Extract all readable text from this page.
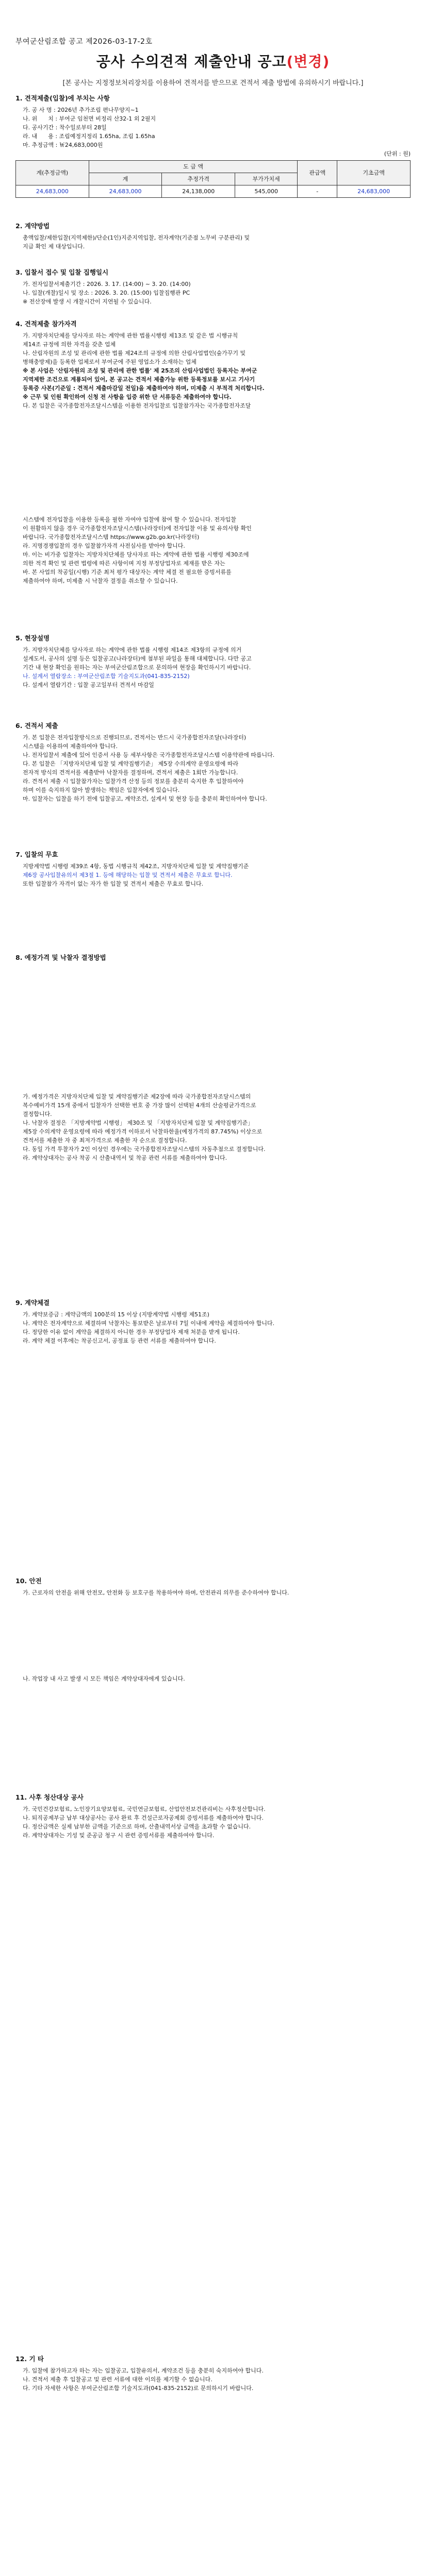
부여군산림조합 공고 제2026-03-17-2호
공사 수의견적 제출안내 공고(변경)
[본 공사는 지정정보처리장치를 이용하여 견적서를 받으므로 견적서 제출 방법에 유의하시기 바랍니다.]
1. 견적제출(입찰)에 부치는 사항
가. 공 사 명 : 2026년 추가조림 편나무양지~1
나. 위      치 : 부여군 임천면 비정리 산32-1 외 2필지
다. 공사기간 : 착수일로부터 28일
라. 내      용 : 조림예정지정리 1.65ha, 조림 1.65ha
마. 추정금액 : ￦24,683,000원
(단위 : 원)
계(추정금액)	도 급 액			관급액	기초금액
	계	추정가격	부가가치세		
24,683,000	24,683,000	24,138,000	545,000	-	24,683,000
2. 계약방법
총액입찰/제한입찰(지역제한)/단순(1인)지준지역입찰, 전자계약(기준점 노무비 구분관리) 및
지급 확인 제 대상입니다.
3. 입찰서 접수 및 입찰 집행일시
가. 전자입찰서제출기간 : 2026. 3. 17. (14:00) ~ 3. 20. (14:00)
나. 입찰(개찰)일시 및 장소 : 2026. 3. 20. (15:00) 입찰집행관 PC
※ 전산장애 발생 시 개찰시간이 지연될 수 있습니다.
4. 견적제출 참가자격
가. 지방자치단체를 당사자로 하는 계약에 관한 법률시행령 제13조 및 같은 법 시행규칙
제14조 규정에 의한 자격을 갖춘 업체
나. 산림자원의 조성 및 관리에 관한 법률 제24조의 규정에 의한 산림사업법인(숲가꾸기 및
병해충방제)을 등록한 업체로서 부여군에 주된 영업소가 소재하는 업체
※ 본 사업은 '산림자원의 조성 및 관리에 관한 법률' 제 25조의 산림사업법인 등록자는 부여군
지역제한 조건으로 계룡되어 있어, 본 공고는 견적서 제출가능 위한 등록정보를 보시고 기사기
등록증 사본(기준일 : 견적서 제출마감일 전일)을 제출하여야 하며, 미제출 시 부적격 처리합니다.
※ 근무 및 인원 확인하여 신청 전 사항을 입증 위한 단 서류등은 제출하여야 합니다.
다. 본 입찰은 국가종합전자조달시스템을 이용한 전자입찰로 입찰참가자는 국가종합전자조달
시스템에 전자입찰을 이용한 등록을 필한 자여야 입찰에 참여 할 수 있습니다. 전자입찰
이 원활하지 않을 경우 국가종합전자조달시스템(나라장터)에 전자입찰 이용 및 유의사항 확인
바랍니다. 국가종합전자조달시스템 https://www.g2b.go.kr(나라장터)
라. 지명경쟁입찰의 경우 입찰참가자격 사전심사를 받아야 합니다.
마. 이는 비가중 입찰자는 지방자치단체를 당사자로 하는 계약에 관한 법률 시행령 제30조에
의한 적격 확인 및 관련 법령에 따른 사항이며 지정 부정당업자로 제재를 받은 자는
바. 본 사업의 착공일(시행) 기준 최저 평가 대상자는 계약 체결 전 필요한 증빙서류를
제출하여야 하며, 미제출 시 낙찰자 결정을 취소할 수 있습니다.
5. 현장설명
가. 지방자치단체를 당사자로 하는 계약에 관한 법률 시행령 제14조 제3항의 규정에 의거
설계도서, 공사의 설명 등은 입찰공고(나라장터)에 첨부된 파일을 통해 대체합니다. 다만 공고
기간 내 현장 확인을 원하는 자는 부여군산림조합으로 문의하여 현장을 확인하시기 바랍니다.
나. 설계서 열람장소 : 부여군산림조합 기술지도과(041-835-2152)
다. 설계서 열람기간 : 입찰 공고일부터 견적서 마감일
6. 견적서 제출
가. 본 입찰은 전자입찰방식으로 진행되므로, 견적서는 반드시 국가종합전자조달(나라장터)
시스템을 이용하여 제출하여야 합니다.
나. 전자입찰서 제출에 있어 인증서 사용 등 세부사항은 국가종합전자조달시스템 이용약관에 따릅니다.
다. 본 입찰은 「지방자치단체 입찰 및 계약집행기준」 제5장 수의계약 운영요령에 따라
전자적 방식의 견적서를 제출받아 낙찰자를 결정하며, 견적서 제출은 1회만 가능합니다.
라. 견적서 제출 시 입찰참가자는 입찰가격 산정 등의 정보를 충분히 숙지한 후 입찰하여야
하며 이를 숙지하지 않아 발생하는 책임은 입찰자에게 있습니다.
마. 입찰자는 입찰을 하기 전에 입찰공고, 계약조건, 설계서 및 현장 등을 충분히 확인하여야 합니다.
7. 입찰의 무효
지방계약법 시행령 제39조 4항, 동법 시행규칙 제42조, 지방자치단체 입찰 및 계약집행기준
제6장 공사입찰유의서 제3절 1. 등에 해당하는 입찰 및 견적서 제출은 무효로 합니다.
또한 입찰참가 자격이 없는 자가 한 입찰 및 견적서 제출은 무효로 합니다.
8. 예정가격 및 낙찰자 결정방법
가. 예정가격은 지방자치단체 입찰 및 계약집행기준 제2장에 따라 국가종합전자조달시스템의
복수예비가격 15개 중에서 입찰자가 선택한 번호 중 가장 많이 선택된 4개의 산술평균가격으로
결정합니다.
나. 낙찰자 결정은 「지방계약법 시행령」 제30조 및 「지방자치단체 입찰 및 계약집행기준」
제5장 수의계약 운영요령에 따라 예정가격 이하로서 낙찰하한율(예정가격의 87.745%) 이상으로
견적서를 제출한 자 중 최저가격으로 제출한 자 순으로 결정합니다.
다. 동일 가격 투찰자가 2인 이상인 경우에는 국가종합전자조달시스템의 자동추첨으로 결정합니다.
라. 계약상대자는 공사 착공 시 산출내역서 및 착공 관련 서류를 제출하여야 합니다.
9. 계약체결
가. 계약보증금 : 계약금액의 100분의 15 이상 (지방계약법 시행령 제51조)
나. 계약은 전자계약으로 체결하며 낙찰자는 통보받은 날로부터 7일 이내에 계약을 체결하여야 합니다.
다. 정당한 이유 없이 계약을 체결하지 아니한 경우 부정당업자 제재 처분을 받게 됩니다.
라. 계약 체결 이후에는 착공신고서, 공정표 등 관련 서류를 제출하여야 합니다.
10. 안전
가. 근로자의 안전을 위해 안전모, 안전화 등 보호구를 착용하여야 하며, 안전관리 의무를 준수하여야 합니다.
나. 작업장 내 사고 발생 시 모든 책임은 계약상대자에게 있습니다.
11. 사후 청산대상 공사
가. 국민건강보험료, 노인장기요양보험료, 국민연금보험료, 산업안전보건관리비는 사후정산합니다.
나. 퇴직공제부금 납부 대상공사는 공사 완료 후 건설근로자공제회 증빙서류를 제출하여야 합니다.
다. 정산금액은 실제 납부한 금액을 기준으로 하며, 산출내역서상 금액을 초과할 수 없습니다.
라. 계약상대자는 기성 및 준공금 청구 시 관련 증빙서류를 제출하여야 합니다.
12. 기 타
가. 입찰에 참가하고자 하는 자는 입찰공고, 입찰유의서, 계약조건 등을 충분히 숙지하여야 합니다.
나. 견적서 제출 후 입찰공고 및 관련 서류에 대한 이의를 제기할 수 없습니다.
다. 기타 자세한 사항은 부여군산림조합 기술지도과(041-835-2152)로 문의하시기 바랍니다.
